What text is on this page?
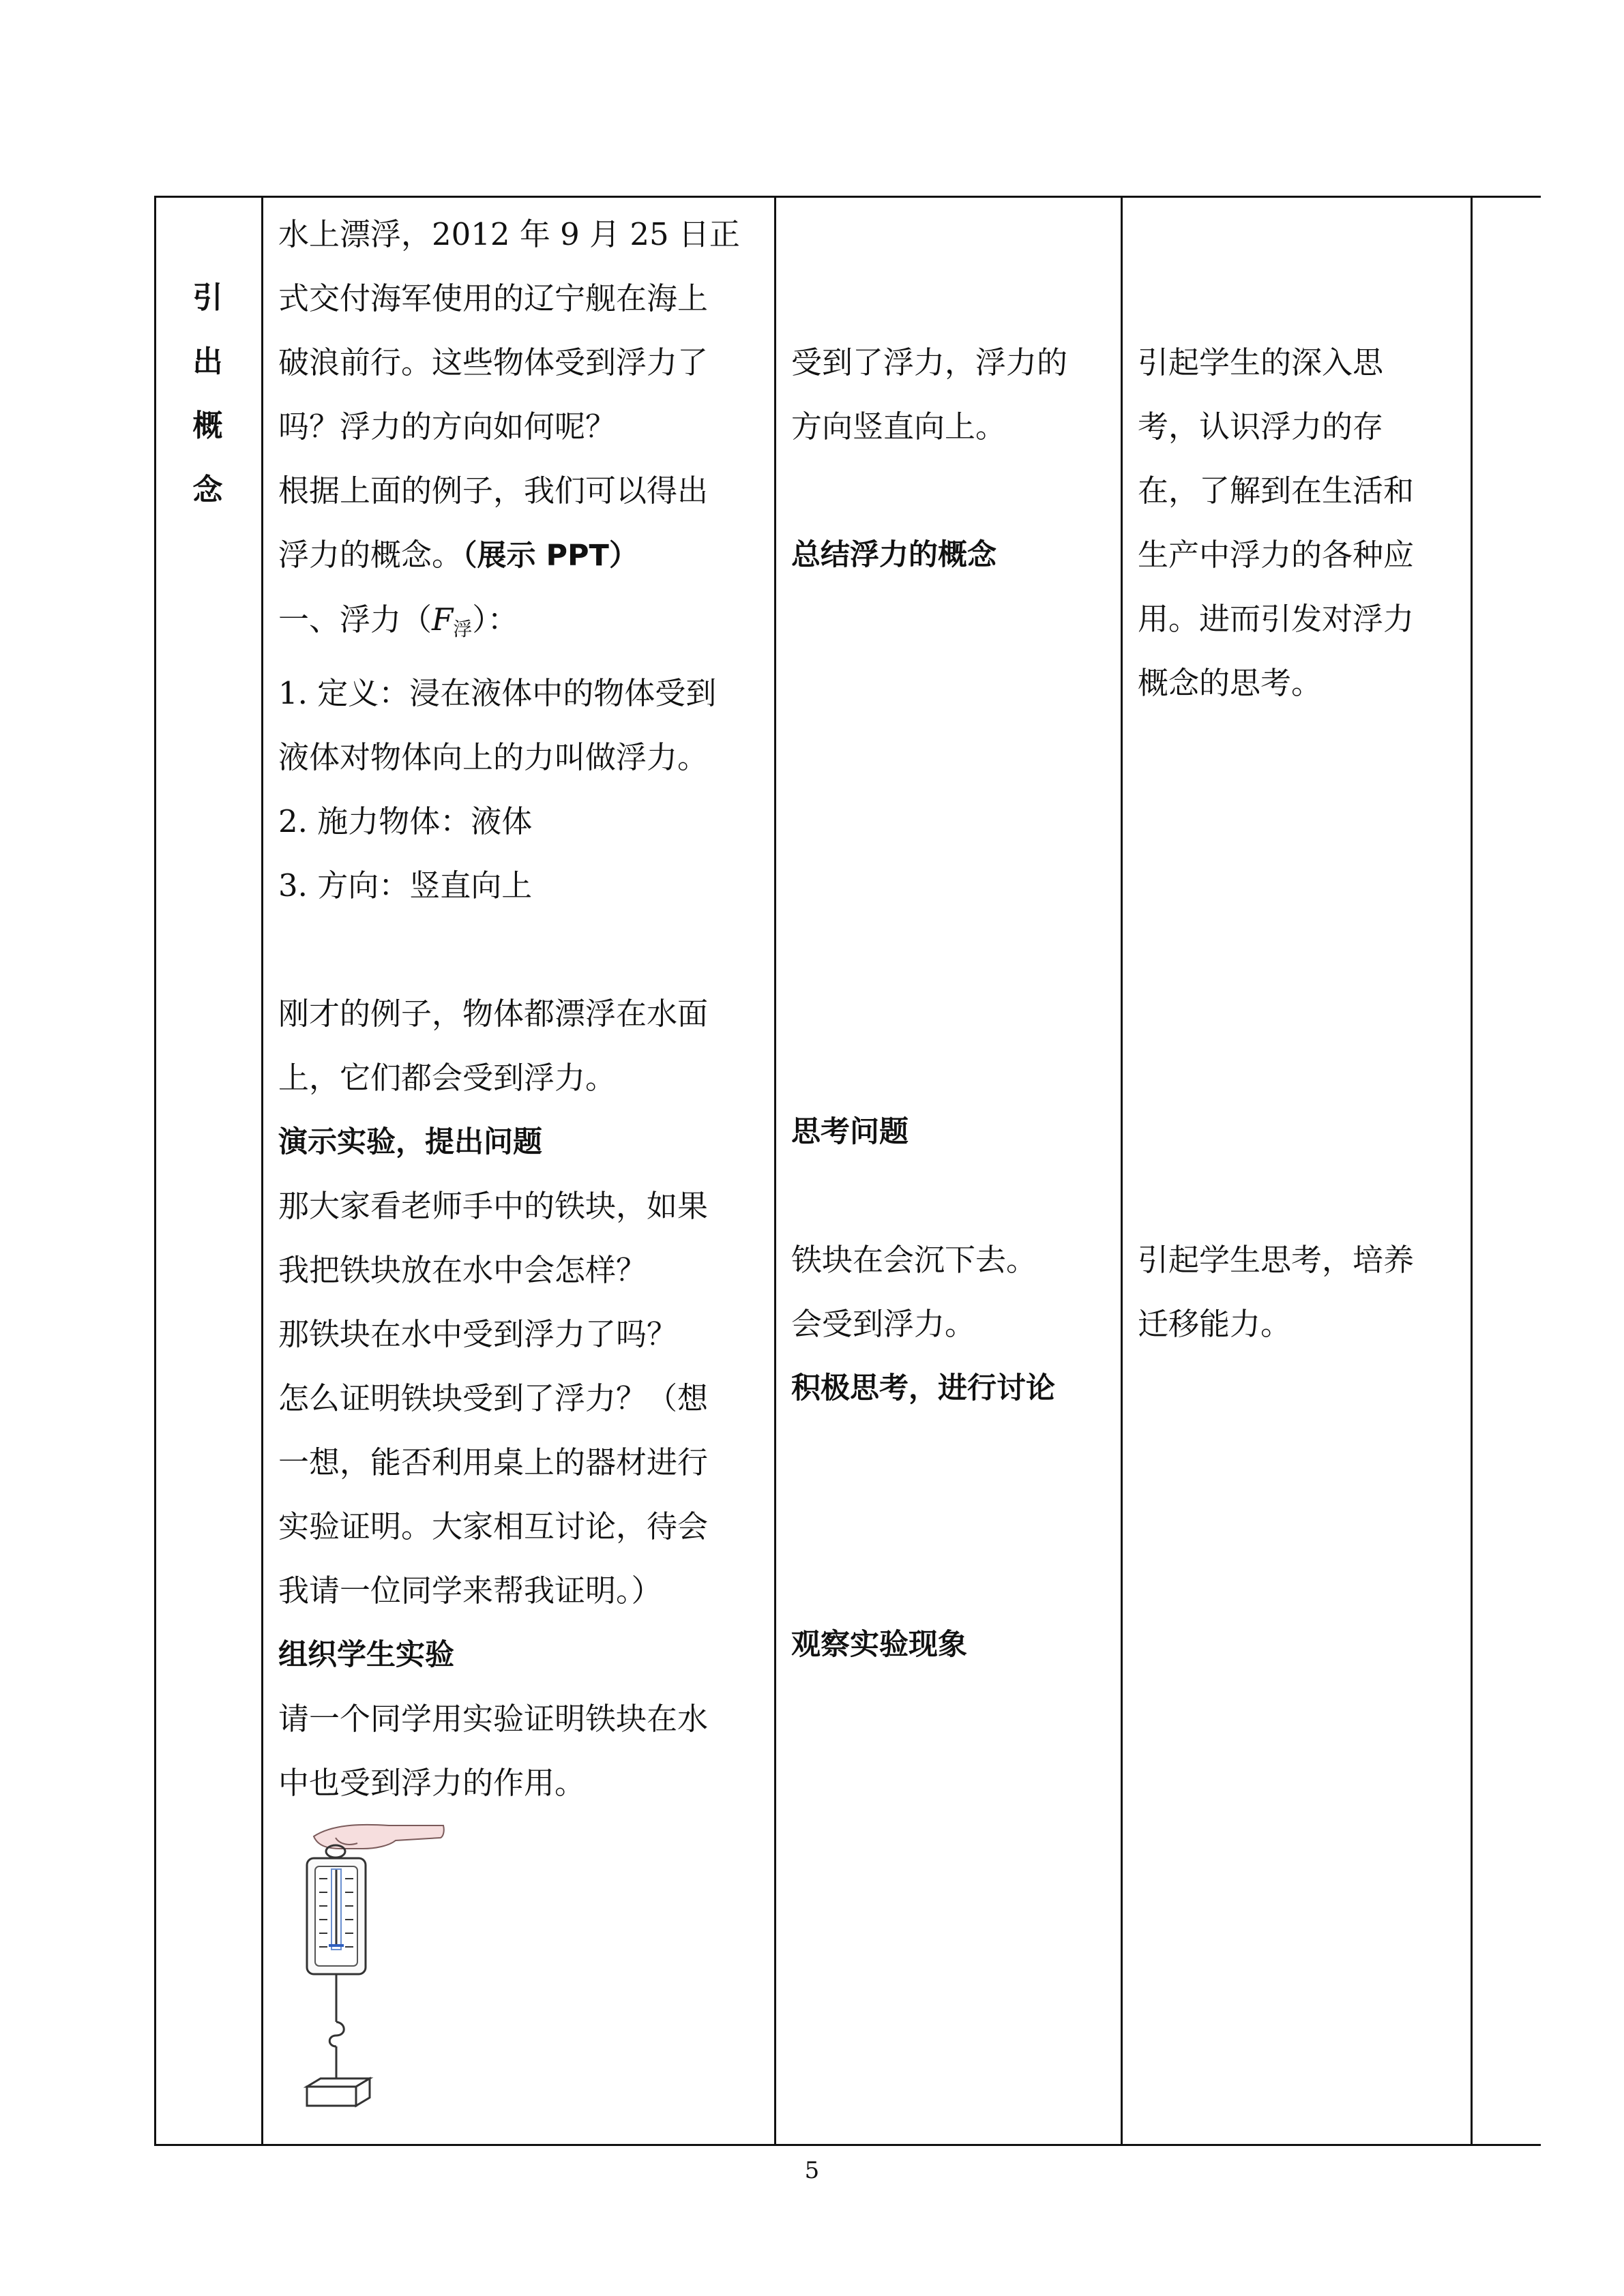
引
出
概
念

水上漂浮，2012 年 9 月 25 日正

式交付海军使用的辽宁舰在海上

破浪前行。这些物体受到浮力了

吗？浮力的方向如何呢？

根据上面的例子，我们可以得出

浮力的概念。（展示 PPT）

一、浮力$(F_浮)$：

1. 定义：浸在液体中的物体受到

液体对物体向上的力叫做浮力。

2. 施力物体：液体

3. 方向：竖直向上

刚才的例子，物体都漂浮在水面

上，它们都会受到浮力。

演示实验，提出问题

那大家看老师手中的铁块，如果

我把铁块放在水中会怎样？

那铁块在水中受到浮力了吗？

怎么证明铁块受到了浮力？（想

一想，能否利用桌上的器材进行

实验证明。大家相互讨论，待会

我请一位同学来帮我证明。）

组织学生实验

请一个同学用实验证明铁块在水

中也受到浮力的作用。

受到了浮力，浮力的

方向竖直向上。

总结浮力的概念

思考问题

铁块在会沉下去。

会受到浮力。

积极思考，进行讨论

观察实验现象

引起学生的深入思

考，认识浮力的存

在，了解到在生活和

生产中浮力的各种应

用。进而引发对浮力

概念的思考。

引起学生思考，培养

迁移能力。

5
